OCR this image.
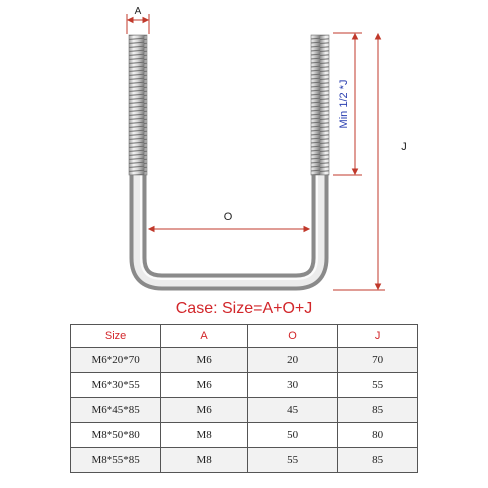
A
O
Min 1/2 *J
J
Case: Size=A+O+J
Size	A	O	J
M6*20*70	M6	20	70
M6*30*55	M6	30	55
M6*45*85	M6	45	85
M8*50*80	M8	50	80
M8*55*85	M8	55	85
